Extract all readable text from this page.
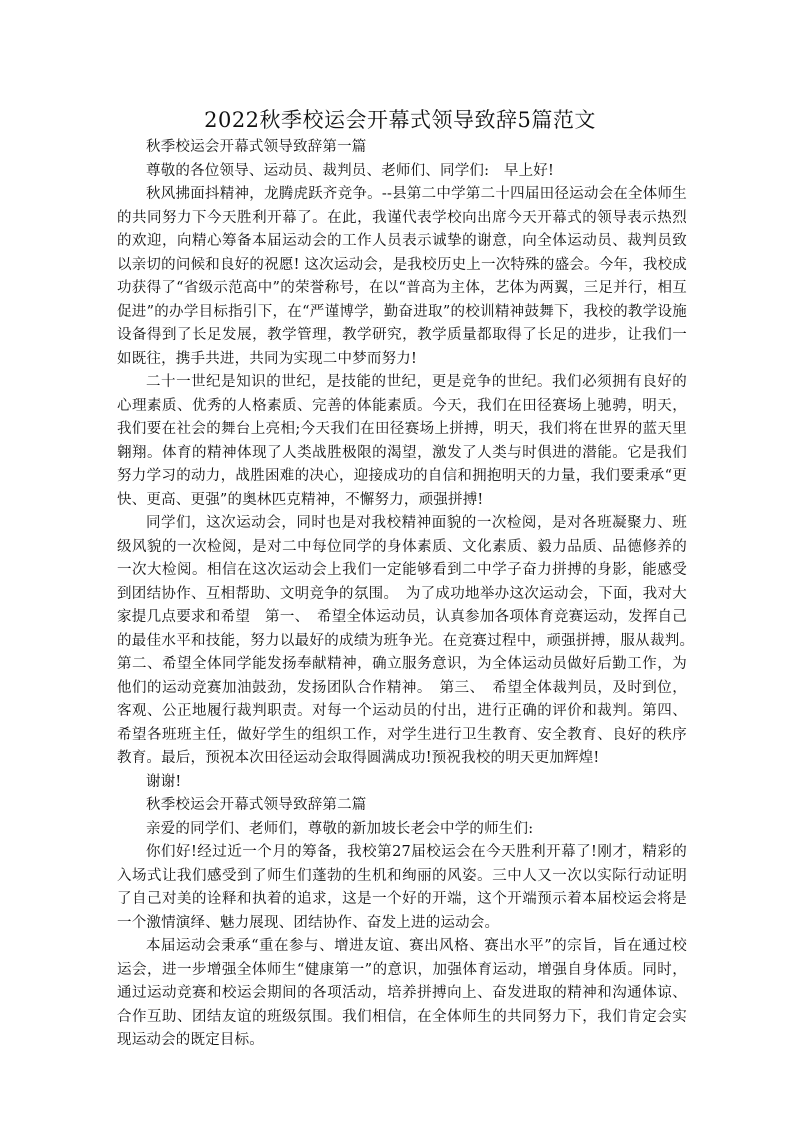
2022秋季校运会开幕式领导致辞5篇范文

秋季校运会开幕式领导致辞第一篇

尊敬的各位领导、运动员、裁判员、老师们、同学们:　早上好!

秋风拂面抖精神，龙腾虎跃齐竞争。--县第二中学第二十四届田径运动会在全体师生的共同努力下今天胜利开幕了。在此，我谨代表学校向出席今天开幕式的领导表示热烈的欢迎，向精心筹备本届运动会的工作人员表示诚挚的谢意，向全体运动员、裁判员致以亲切的问候和良好的祝愿! 这次运动会，是我校历史上一次特殊的盛会。今年，我校成功获得了“省级示范高中”的荣誉称号，在以“普高为主体，艺体为两翼，三足并行，相互促进”的办学目标指引下，在“严谨博学，勤奋进取”的校训精神鼓舞下，我校的教学设施设备得到了长足发展，教学管理，教学研究，教学质量都取得了长足的进步，让我们一如既往，携手共进，共同为实现二中梦而努力!

二十一世纪是知识的世纪，是技能的世纪，更是竞争的世纪。我们必须拥有良好的心理素质、优秀的人格素质、完善的体能素质。今天，我们在田径赛场上驰骋，明天，我们要在社会的舞台上亮相;今天我们在田径赛场上拼搏，明天，我们将在世界的蓝天里翱翔。体育的精神体现了人类战胜极限的渴望，激发了人类与时俱进的潜能。它是我们努力学习的动力，战胜困难的决心，迎接成功的自信和拥抱明天的力量，我们要秉承“更快、更高、更强”的奥林匹克精神，不懈努力，顽强拼搏!

同学们，这次运动会，同时也是对我校精神面貌的一次检阅，是对各班凝聚力、班级风貌的一次检阅，是对二中每位同学的身体素质、文化素质、毅力品质、品德修养的一次大检阅。相信在这次运动会上我们一定能够看到二中学子奋力拼搏的身影，能感受到团结协作、互相帮助、文明竞争的氛围。　为了成功地举办这次运动会，下面，我对大家提几点要求和希望　第一、　希望全体运动员，认真参加各项体育竞赛运动，发挥自己的最佳水平和技能，努力以最好的成绩为班争光。在竞赛过程中，顽强拼搏，服从裁判。　第二、希望全体同学能发扬奉献精神，确立服务意识，为全体运动员做好后勤工作，为他们的运动竞赛加油鼓劲，发扬团队合作精神。　第三、　希望全体裁判员，及时到位，客观、公正地履行裁判职责。对每一个运动员的付出，进行正确的评价和裁判。第四、希望各班班主任，做好学生的组织工作，对学生进行卫生教育、安全教育、良好的秩序教育。最后，预祝本次田径运动会取得圆满成功!预祝我校的明天更加辉煌!

谢谢!

秋季校运会开幕式领导致辞第二篇

亲爱的同学们、老师们，尊敬的新加坡长老会中学的师生们:

你们好!经过近一个月的筹备，我校第27届校运会在今天胜利开幕了!刚才，精彩的入场式让我们感受到了师生们蓬勃的生机和绚丽的风姿。三中人又一次以实际行动证明了自己对美的诠释和执着的追求，这是一个好的开端，这个开端预示着本届校运会将是一个激情演绎、魅力展现、团结协作、奋发上进的运动会。

本届运动会秉承“重在参与、增进友谊、赛出风格、赛出水平”的宗旨，旨在通过校运会，进一步增强全体师生“健康第一”的意识，加强体育运动，增强自身体质。同时，通过运动竞赛和校运会期间的各项活动，培养拼搏向上、奋发进取的精神和沟通体谅、合作互助、团结友谊的班级氛围。我们相信，在全体师生的共同努力下，我们肯定会实现运动会的既定目标。
